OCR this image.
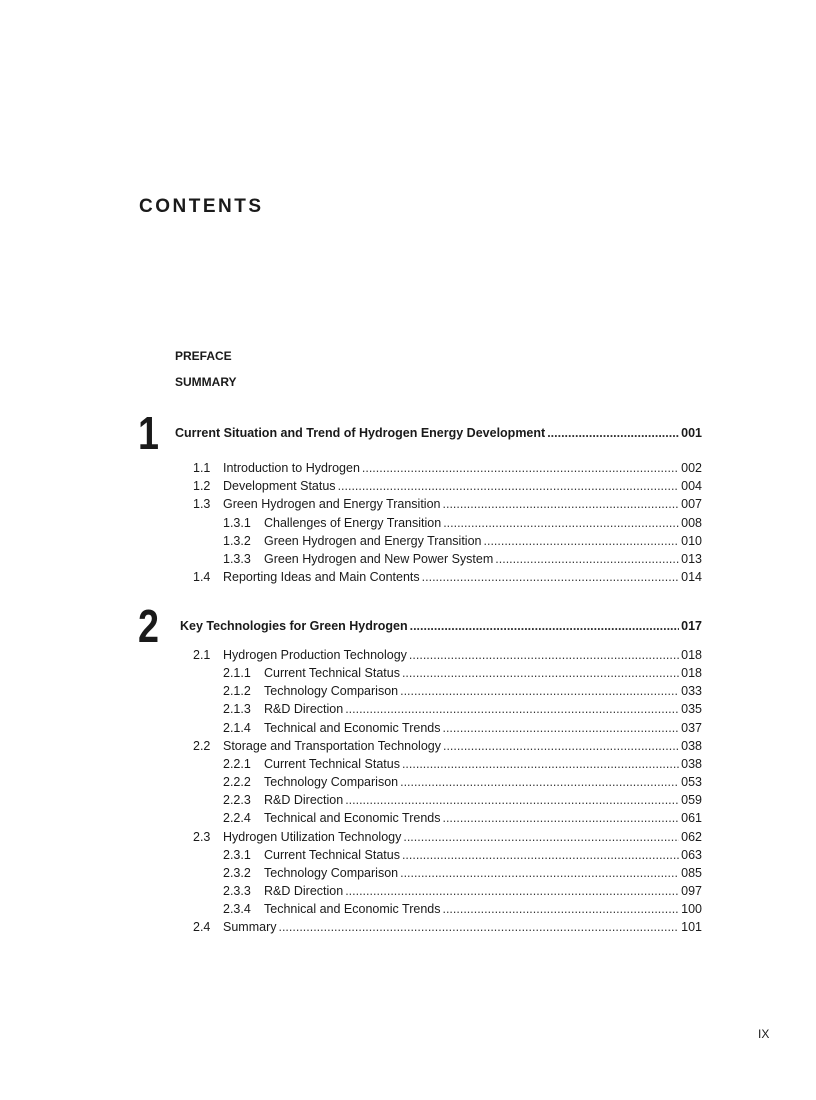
CONTENTS
PREFACE
SUMMARY
1 Current Situation and Trend of Hydrogen Energy Development .....	001
1.1	Introduction to Hydrogen .....	002
1.2	Development Status .....	004
1.3	Green Hydrogen and Energy Transition .....	007
1.3.1	Challenges of Energy Transition .....	008
1.3.2	Green Hydrogen and Energy Transition .....	010
1.3.3	Green Hydrogen and New Power System .....	013
1.4	Reporting Ideas and Main Contents .....	014
2 Key Technologies for Green Hydrogen .....	017
2.1	Hydrogen Production Technology .....	018
2.1.1	Current Technical Status .....	018
2.1.2	Technology Comparison .....	033
2.1.3	R&D Direction .....	035
2.1.4	Technical and Economic Trends .....	037
2.2	Storage and Transportation Technology .....	038
2.2.1	Current Technical Status .....	038
2.2.2	Technology Comparison .....	053
2.2.3	R&D Direction .....	059
2.2.4	Technical and Economic Trends .....	061
2.3	Hydrogen Utilization Technology .....	062
2.3.1	Current Technical Status .....	063
2.3.2	Technology Comparison .....	085
2.3.3	R&D Direction .....	097
2.3.4	Technical and Economic Trends .....	100
2.4	Summary .....	101
IX
